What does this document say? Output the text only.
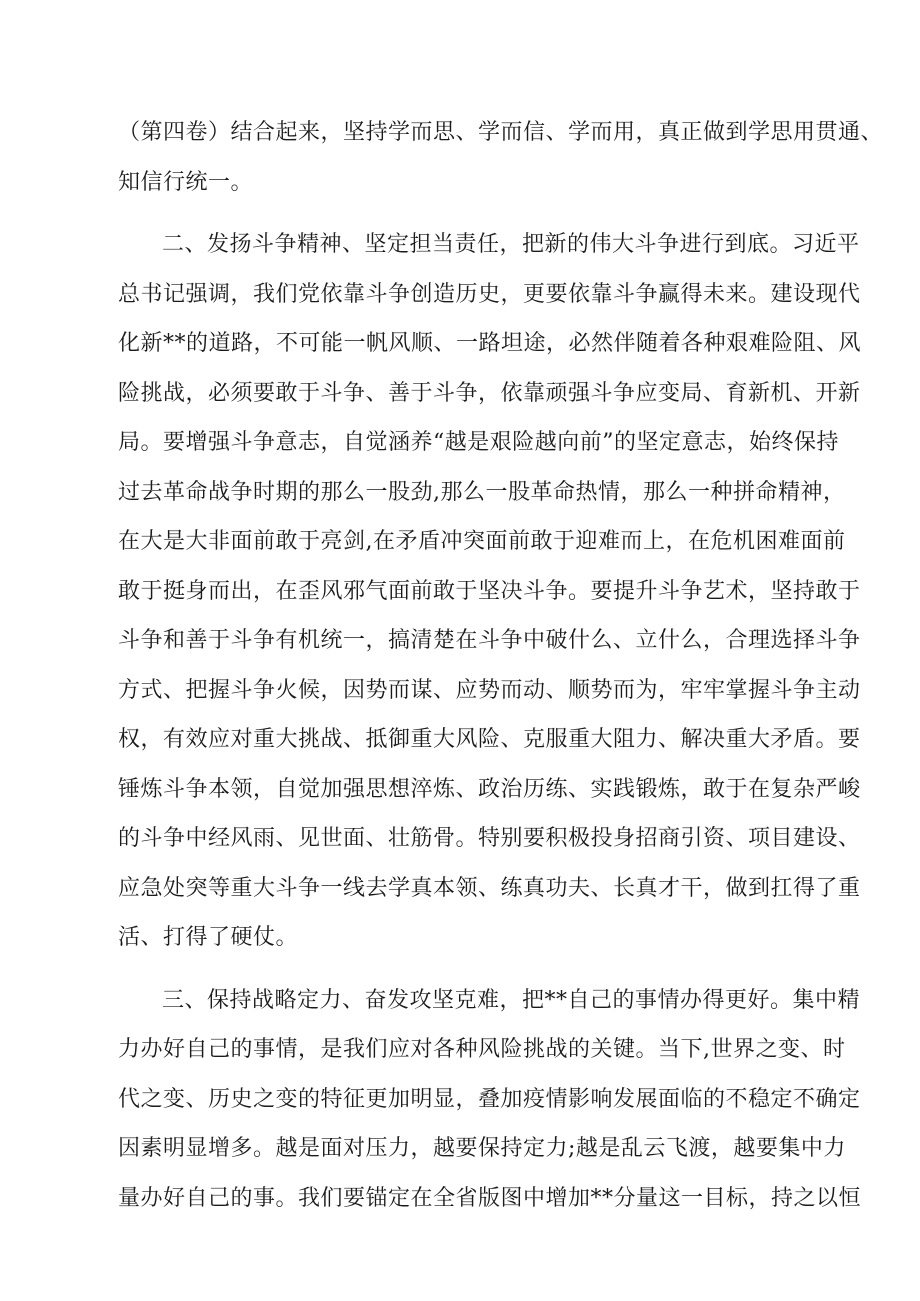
（第四卷）结合起来，坚持学而思、学而信、学而用，真正做到学思用贯通、
知信行统一。
二、发扬斗争精神、坚定担当责任，把新的伟大斗争进行到底。习近平
总书记强调，我们党依靠斗争创造历史，更要依靠斗争赢得未来。建设现代
化新**的道路，不可能一帆风顺、一路坦途，必然伴随着各种艰难险阻、风
险挑战，必须要敢于斗争、善于斗争，依靠顽强斗争应变局、育新机、开新
局。要增强斗争意志，自觉涵养“越是艰险越向前”的坚定意志，始终保持
过去革命战争时期的那么一股劲,那么一股革命热情，那么一种拼命精神，
在大是大非面前敢于亮剑,在矛盾冲突面前敢于迎难而上，在危机困难面前
敢于挺身而出，在歪风邪气面前敢于坚决斗争。要提升斗争艺术，坚持敢于
斗争和善于斗争有机统一，搞清楚在斗争中破什么、立什么，合理选择斗争
方式、把握斗争火候，因势而谋、应势而动、顺势而为，牢牢掌握斗争主动
权，有效应对重大挑战、抵御重大风险、克服重大阻力、解决重大矛盾。要
锤炼斗争本领，自觉加强思想淬炼、政治历练、实践锻炼，敢于在复杂严峻
的斗争中经风雨、见世面、壮筋骨。特别要积极投身招商引资、项目建设、
应急处突等重大斗争一线去学真本领、练真功夫、长真才干，做到扛得了重
活、打得了硬仗。
三、保持战略定力、奋发攻坚克难，把**自己的事情办得更好。集中精
力办好自己的事情，是我们应对各种风险挑战的关键。当下,世界之变、时
代之变、历史之变的特征更加明显，叠加疫情影响发展面临的不稳定不确定
因素明显增多。越是面对压力，越要保持定力;越是乱云飞渡，越要集中力
量办好自己的事。我们要锚定在全省版图中增加**分量这一目标，持之以恒
